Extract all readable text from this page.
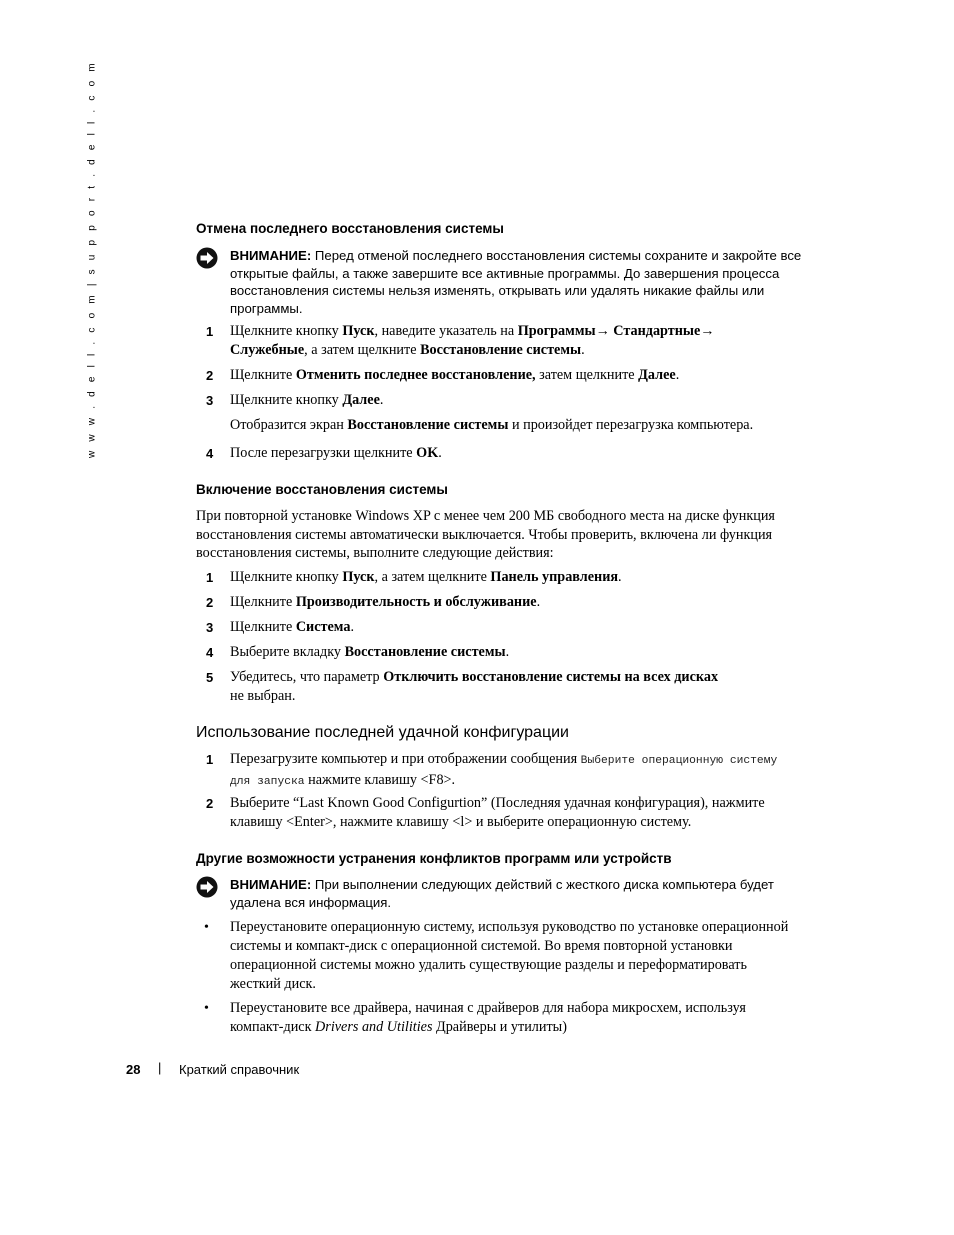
w w w . d e l l . c o m | s u p p o r t . d e l l . c o m	Отмена последнего восстановления системы
ВНИМАНИЕ: Перед отменой последнего восстановления системы сохраните и закройте все открытые файлы, а также завершите все активные программы. До завершения процесса восстановления системы нельзя изменять, открывать или удалять никакие файлы или программы.
1 Щелкните кнопку Пуск, наведите указатель на Программы→ Стандартные→
Служебные, а затем щелкните Восстановление системы.
2 Щелкните Отменить последнее восстановление, затем щелкните Далее.
3 Щелкните кнопку Далее.
Отобразится экран Восстановление системы и произойдет перезагрузка компьютера.
4 После перезагрузки щелкните OK.
Включение восстановления системы
При повторной установке Windows XP с менее чем 200 МБ свободного места на диске функция восстановления системы автоматически выключается. Чтобы проверить, включена ли функция восстановления системы, выполните следующие действия:
1 Щелкните кнопку Пуск, а затем щелкните Панель управления.
2 Щелкните Производительность и обслуживание.
3 Щелкните Система.
4 Выберите вкладку Восстановление системы.
5 Убедитесь, что параметр Отключить восстановление системы на всех дисках
не выбран.
Использование последней удачной конфигурации
1 Перезагрузите компьютер и при отображении сообщения Выберите операционную систему для запуска нажмите клавишу <F8>.
2 Выберите “Last Known Good Configurtion” (Последняя удачная конфигурация), нажмите клавишу <Enter>, нажмите клавишу <l> и выберите операционную систему.
Другие возможности устранения конфликтов программ или устройств
ВНИМАНИЕ: При выполнении следующих действий с жесткого диска компьютера будет удалена вся информация.
• Переустановите операционную систему, используя руководство по установке операционной системы и компакт-диск с операционной системой. Во время повторной установки операционной системы можно удалить существующие разделы и переформатировать жесткий диск.
• Переустановите все драйвера, начиная с драйверов для набора микросхем, используя компакт-диск Drivers and Utilities Драйверы и утилиты)
28 | Краткий справочник
